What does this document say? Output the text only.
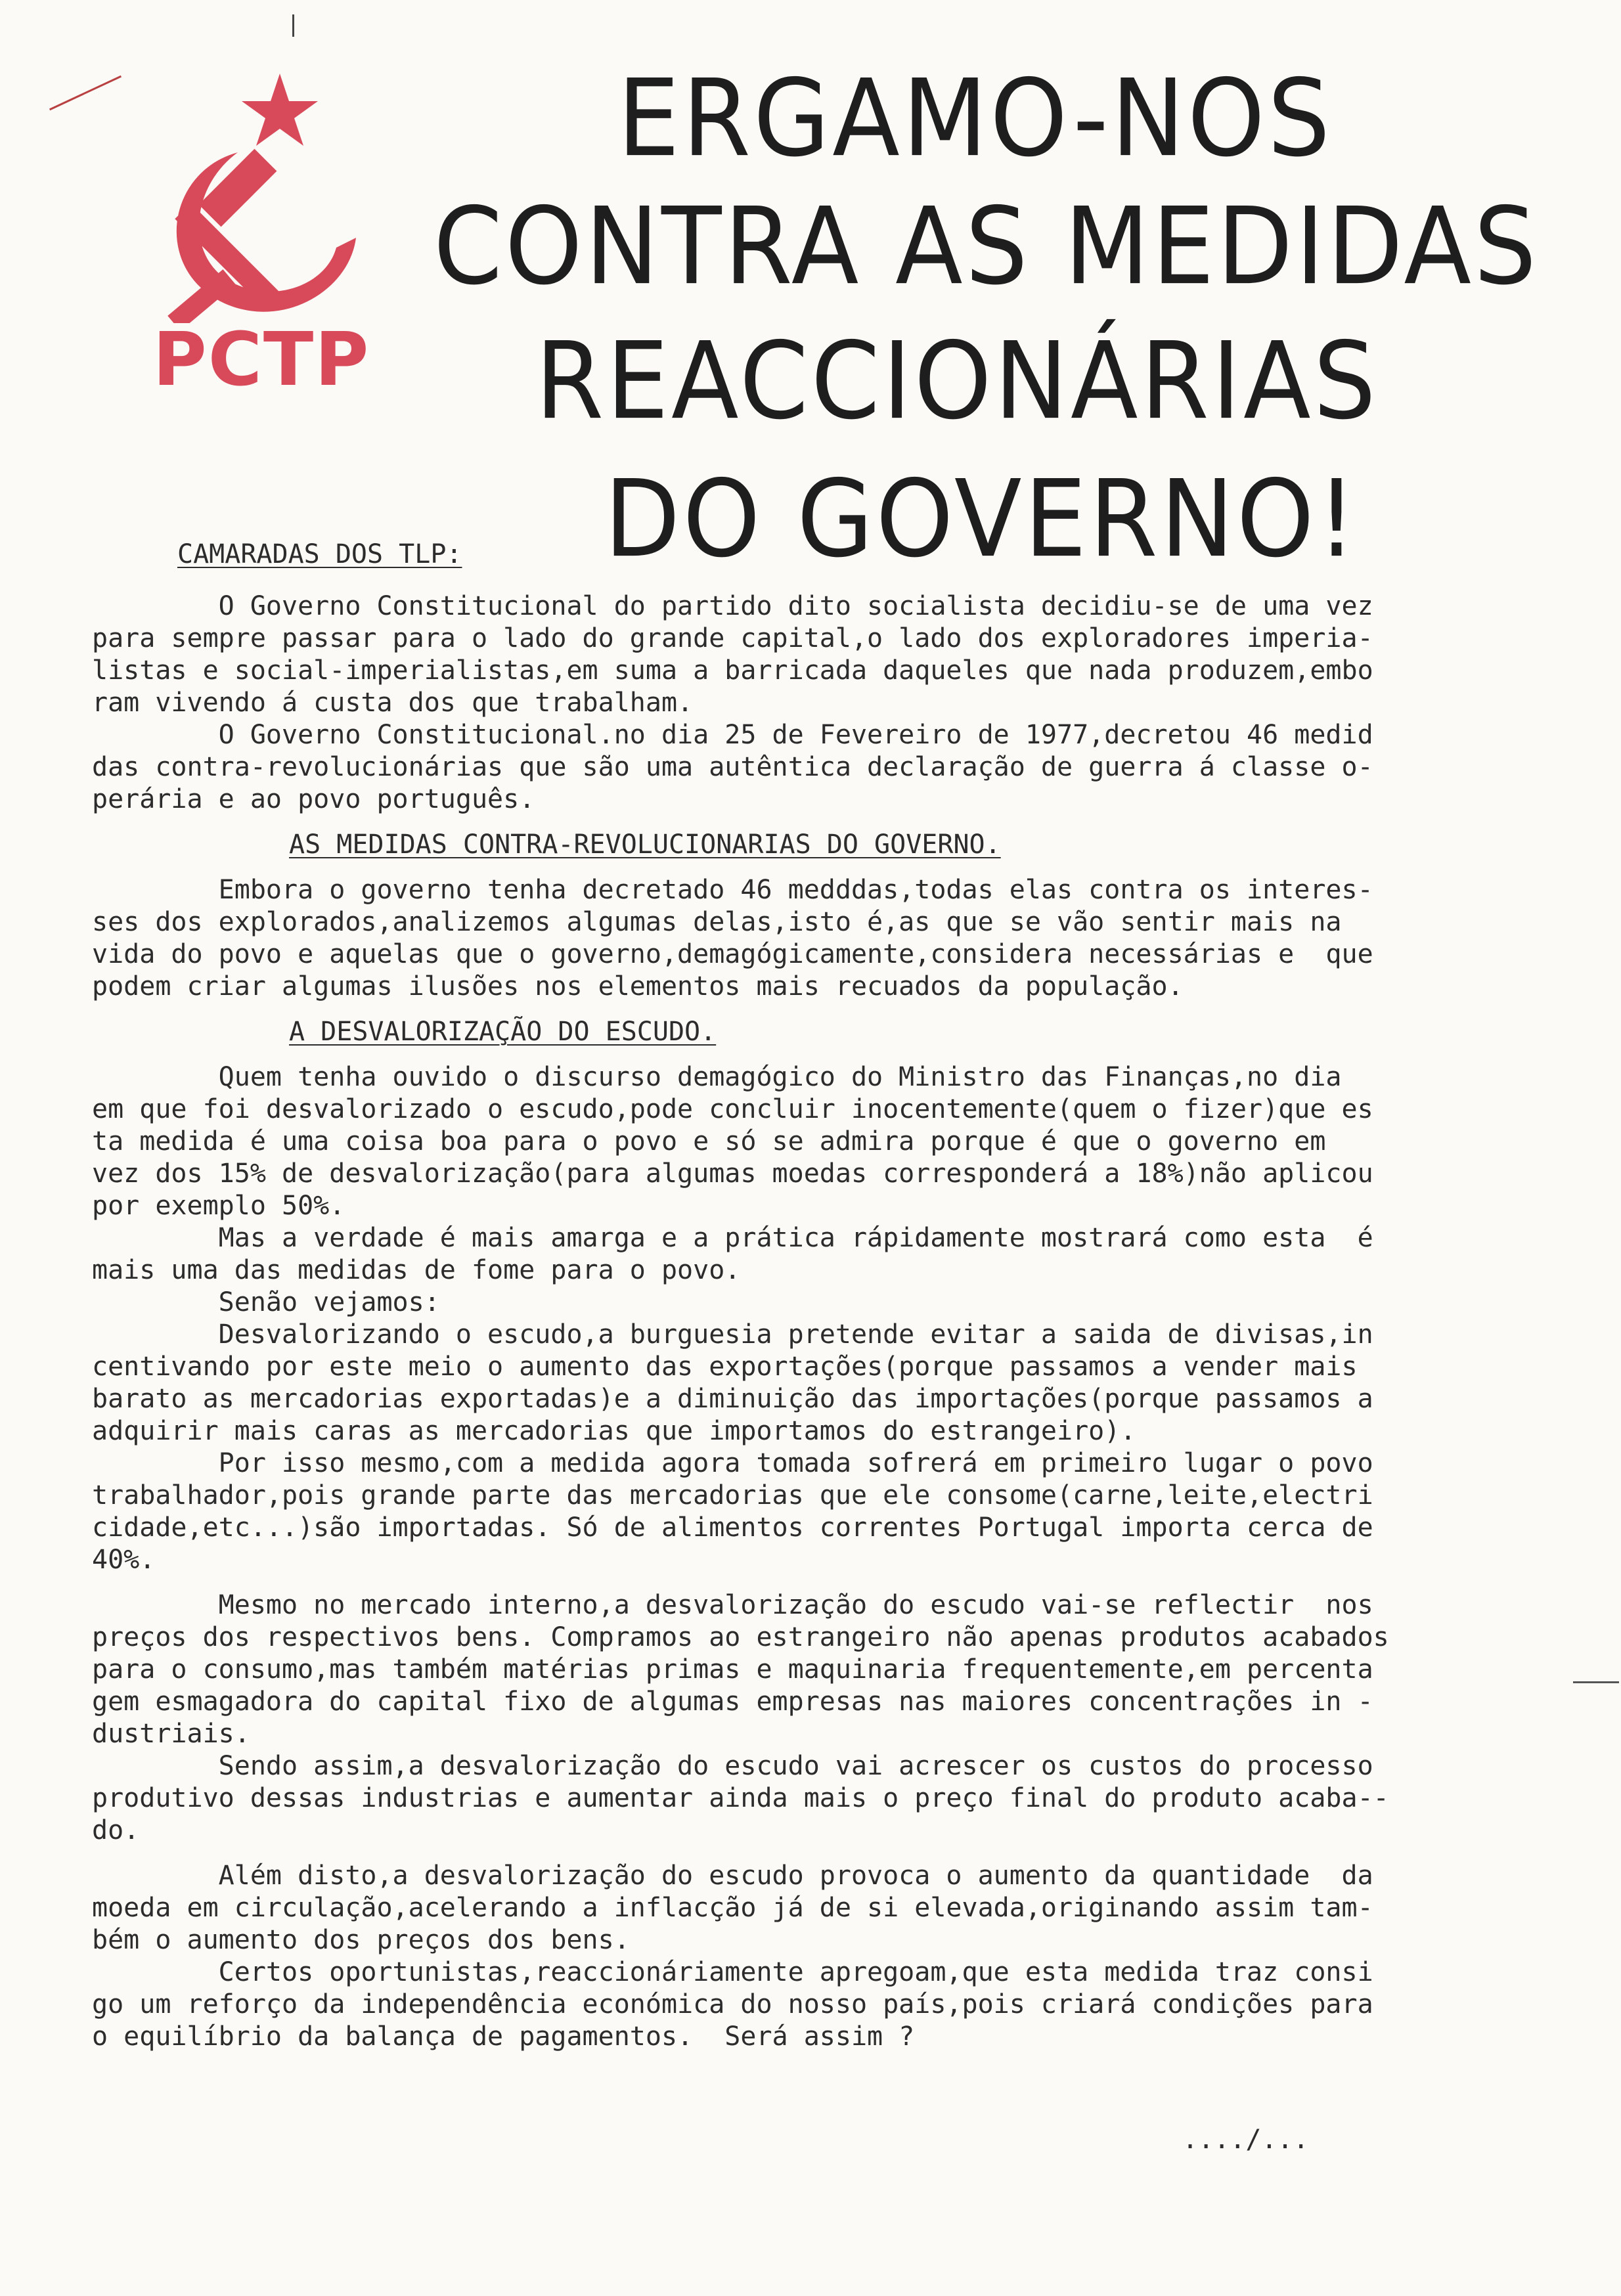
PCTP
ERGAMO-NOS
CONTRA AS MEDIDAS
REACCIONÁRIAS
DO GOVERNO!
CAMARADAS DOS TLP:
O Governo Constitucional do partido dito socialista decidiu-se de uma vez
para sempre passar para o lado do grande capital,o lado dos exploradores imperia-
listas e social-imperialistas,em suma a barricada daqueles que nada produzem,embo
ram vivendo á custa dos que trabalham.
O Governo Constitucional.no dia 25 de Fevereiro de 1977,decretou 46 medid
das contra-revolucionárias que são uma autêntica declaração de guerra á classe o-
perária e ao povo português.
AS MEDIDAS CONTRA-REVOLUCIONARIAS DO GOVERNO.
Embora o governo tenha decretado 46 medddas,todas elas contra os interes-
ses dos explorados,analizemos algumas delas,isto é,as que se vão sentir mais na
vida do povo e aquelas que o governo,demagógicamente,considera necessárias e  que
podem criar algumas ilusões nos elementos mais recuados da população.
A DESVALORIZAÇÃO DO ESCUDO.
Quem tenha ouvido o discurso demagógico do Ministro das Finanças,no dia
em que foi desvalorizado o escudo,pode concluir inocentemente(quem o fizer)que es
ta medida é uma coisa boa para o povo e só se admira porque é que o governo em
vez dos 15% de desvalorização(para algumas moedas corresponderá a 18%)não aplicou
por exemplo 50%.
Mas a verdade é mais amarga e a prática rápidamente mostrará como esta  é
mais uma das medidas de fome para o povo.
Senão vejamos:
Desvalorizando o escudo,a burguesia pretende evitar a saida de divisas,in
centivando por este meio o aumento das exportações(porque passamos a vender mais
barato as mercadorias exportadas)e a diminuição das importações(porque passamos a
adquirir mais caras as mercadorias que importamos do estrangeiro).
Por isso mesmo,com a medida agora tomada sofrerá em primeiro lugar o povo
trabalhador,pois grande parte das mercadorias que ele consome(carne,leite,electri
cidade,etc...)são importadas. Só de alimentos correntes Portugal importa cerca de
40%.
Mesmo no mercado interno,a desvalorização do escudo vai-se reflectir  nos
preços dos respectivos bens. Compramos ao estrangeiro não apenas produtos acabados
para o consumo,mas também matérias primas e maquinaria frequentemente,em percenta
gem esmagadora do capital fixo de algumas empresas nas maiores concentrações in -
dustriais.
Sendo assim,a desvalorização do escudo vai acrescer os custos do processo
produtivo dessas industrias e aumentar ainda mais o preço final do produto acaba--
do.
Além disto,a desvalorização do escudo provoca o aumento da quantidade  da
moeda em circulação,acelerando a inflacção já de si elevada,originando assim tam-
bém o aumento dos preços dos bens.
Certos oportunistas,reaccionáriamente apregoam,que esta medida traz consi
go um reforço da independência económica do nosso país,pois criará condições para
o equilíbrio da balança de pagamentos.  Será assim ?
..../...
